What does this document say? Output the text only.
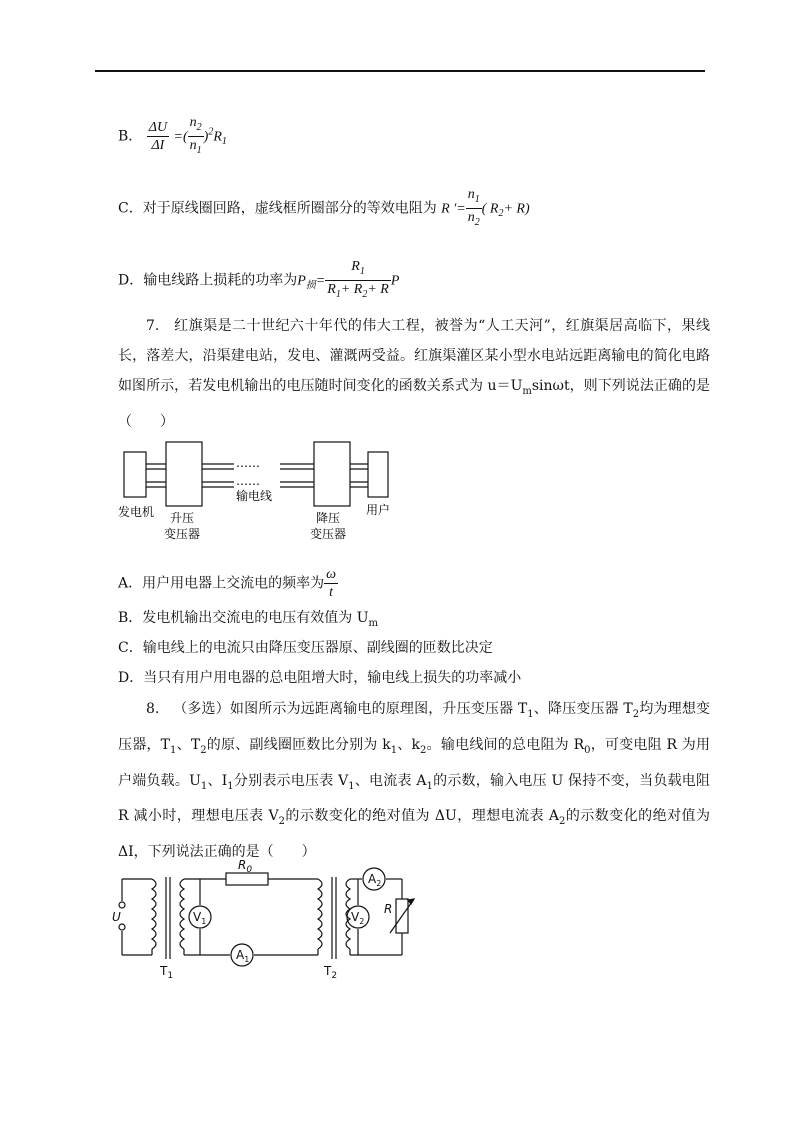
B． $\frac{\Delta U}{\Delta I}$ =( $\frac{n_2}{n_1} )^2R_1$
C．对于原线圈回路，虚线框所圈部分的等效电阻为 R ′= $\frac{n_1}{n_2}$ ( $R_2+ R$)
D．输电线路上损耗的功率为$P_损= \frac{R_1}{R_1+ R_2+ R}$ P
7. 红旗渠是二十世纪六十年代的伟大工程，被誉为“人工天河”，红旗渠居高临下，果线长，落差大，沿渠建电站，发电、灌溉两受益。红旗渠灌区某小型水电站远距离输电的简化电路如图所示，若发电机输出的电压随时间变化的函数关系式为 $u=U_m\sin\omega t$，则下列说法正确的是（　　）
……
……
输电线
发电机 升压
变压器
降压
变压器
用户
A．用户用电器上交流电的频率为 $\frac{\omega}{t}$
B．发电机输出交流电的电压有效值为 $U_m$
C．输电线上的电流只由降压变压器原、副线圈的匝数比决定
D．当只有用户用电器的总电阻增大时，输电线上损失的功率减小
8. （多选）如图所示为远距离输电的原理图，升压变压器 $T_1$、降压变压器 $T_2$均为理想变压器，$T_1$、$T_2$的原、副线圈匝数比分别为 $k_1$、$k_2$。输电线间的总电阻为 $R_0$，可变电阻 R 为用户端负载。$U_1$、$I_1$分别表示电压表 $V_1$、电流表 $A_1$的示数，输入电压 U 保持不变，当负载电阻 R 减小时，理想电压表 $V_2$的示数变化的绝对值为 ΔU，理想电流表 $A_2$的示数变化的绝对值为 ΔI，下列说法正确的是（　　）
$R_0$
U	$V_1$	$V_2$
$A_1$
$A_2$
R
$T_1$	$T_2$
